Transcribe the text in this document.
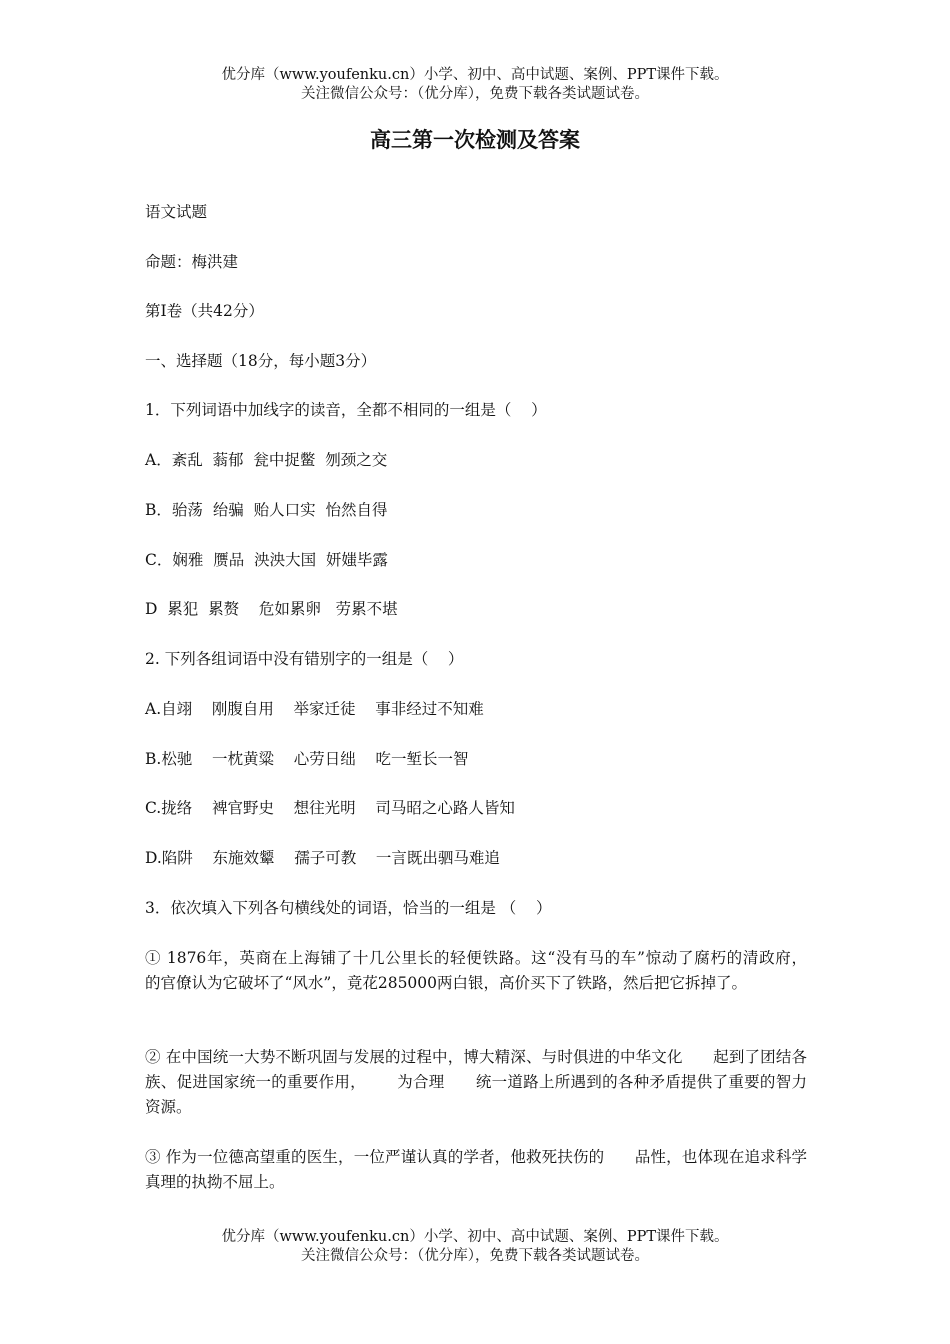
优分库（www.youfenku.cn）小学、初中、高中试题、案例、PPT课件下载。
关注微信公众号：（优分库），免费下载各类试题试卷。
高三第一次检测及答案
语文试题
命题：梅洪建
第Ⅰ卷（共42分）
一、选择题（18分，每小题3分）
1．下列词语中加线字的读音，全都不相同的一组是（    ）
A．紊乱  蓊郁  瓮中捉鳖  刎颈之交
B．骀荡  绐骗  贻人口实  怡然自得
C．娴雅  赝品  泱泱大国  妍媸毕露
D  累犯  累赘    危如累卵   劳累不堪
2. 下列各组词语中没有错别字的一组是（    ）
A.自翊    刚腹自用    举家迁徒    事非经过不知难
B.松驰    一枕黄粱    心劳日绌    吃一堑长一智
C.拢络    裨官野史    想往光明    司马昭之心路人皆知
D.陷阱    东施效颦    孺子可教    一言既出驷马难追
3．依次填入下列各句横线处的词语，恰当的一组是 （    ）
① 1876年，英商在上海铺了十几公里长的轻便铁路。这“没有马的车”惊动了腐朽的清政府，      的官僚认为它破坏了“风水”，竟花285000两白银，高价买下了铁路，然后把它拆掉了。
② 在中国统一大势不断巩固与发展的过程中，博大精深、与时俱进的中华文化      起到了团结各族、促进国家统一的重要作用，      为合理      统一道路上所遇到的各种矛盾提供了重要的智力资源。
③ 作为一位德高望重的医生，一位严谨认真的学者，他救死扶伤的      品性，也体现在追求科学真理的执拗不屈上。
优分库（www.youfenku.cn）小学、初中、高中试题、案例、PPT课件下载。
关注微信公众号：（优分库），免费下载各类试题试卷。
